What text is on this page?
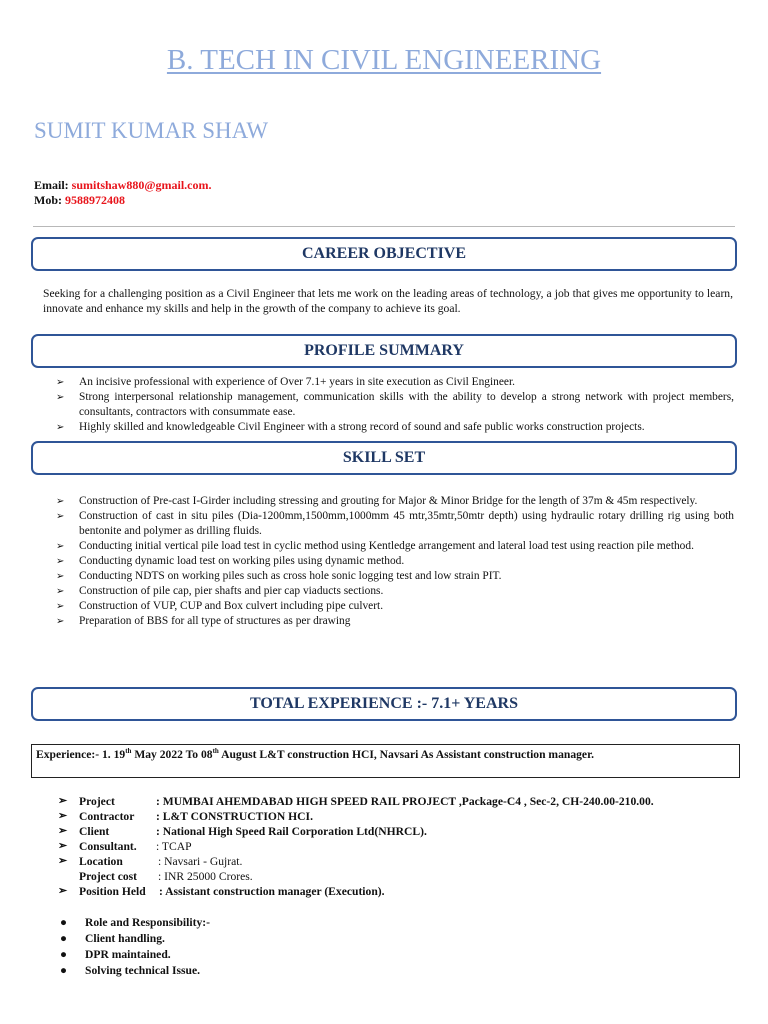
B. TECH IN CIVIL ENGINEERING
SUMIT KUMAR SHAW
Email: sumitshaw880@gmail.com.
Mob: 9588972408
CAREER OBJECTIVE
Seeking for a challenging position as a Civil Engineer that lets me work on the leading areas of technology, a job that gives me opportunity to learn, innovate and enhance my skills and help in the growth of the company to achieve its goal.
PROFILE SUMMARY
➢ An incisive professional with experience of Over 7.1+ years in site execution as Civil Engineer.
➢ Strong interpersonal relationship management, communication skills with the ability to develop a strong network with project members, consultants, contractors with consummate ease.
➢ Highly skilled and knowledgeable Civil Engineer with a strong record of sound and safe public works construction projects.
SKILL SET
➢ Construction of Pre-cast I-Girder including stressing and grouting for Major & Minor Bridge for the length of 37m & 45m respectively.
➢ Construction of cast in situ piles (Dia-1200mm,1500mm,1000mm 45 mtr,35mtr,50mtr depth) using hydraulic rotary drilling rig using both bentonite and polymer as drilling fluids.
➢ Conducting initial vertical pile load test in cyclic method using Kentledge arrangement and lateral load test using reaction pile method.
➢ Conducting dynamic load test on working piles using dynamic method.
➢ Conducting NDTS on working piles such as cross hole sonic logging test and low strain PIT.
➢ Construction of pile cap, pier shafts and pier cap viaducts sections.
➢ Construction of VUP, CUP and Box culvert including pipe culvert.
➢ Preparation of BBS for all type of structures as per drawing
TOTAL EXPERIENCE :- 7.1+ YEARS
Experience:- 1. 19th May 2022 To 08th August L&T construction HCI, Navsari As Assistant construction manager.
➢ Project	: MUMBAI AHEMDABAD HIGH SPEED RAIL PROJECT ,Package-C4 , Sec-2, CH-240.00-210.00.
➢ Contractor : L&T CONSTRUCTION HCI.
➢ Client	: National High Speed Rail Corporation Ltd(NHRCL).
➢ Consultant. : TCAP
➢ Location	: Navsari - Gujrat.
Project cost : INR 25000 Crores.
➢ Position Held : Assistant construction manager (Execution).
● Role and Responsibility:-
● Client handling.
● DPR maintained.
● Solving technical Issue.
